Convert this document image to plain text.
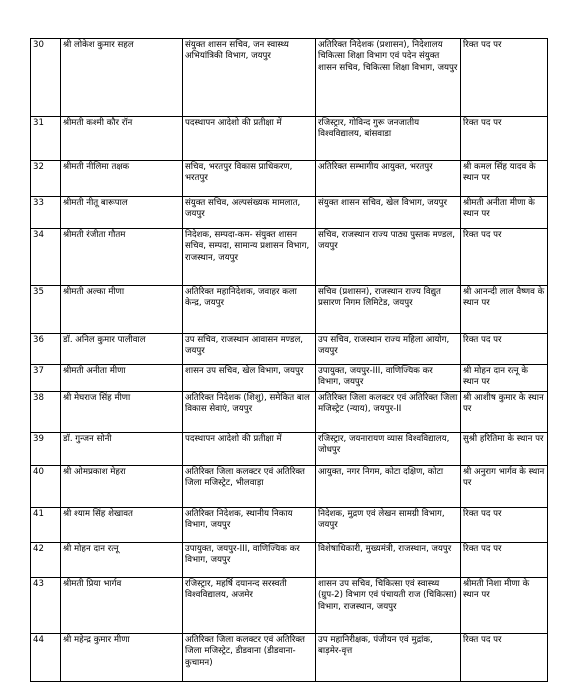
30	श्री लोकेश कुमार सहल	संयुक्त शासन सचिव, जन स्वास्थ्य अभियांत्रिकी विभाग, जयपुर	अतिरिक्त निदेशक (प्रशासन), निदेशालय चिकित्सा शिक्षा विभाग एवं पदेन संयुक्त शासन सचिव, चिकित्सा शिक्षा विभाग, जयपुर	रिक्त पद पर
31	श्रीमती कश्मी कौर रॉन	पदस्थापन आदेशो की प्रतीक्षा में	रजिस्ट्रार, गोविन्द गुरू जनजातीय विश्वविद्यालय, बांसवाडा	रिक्त पद पर
32	श्रीमती नीलिमा तक्षक	सचिव, भरतपुर विकास प्राधिकरण, भरतपुर	अतिरिक्त सम्भागीय आयुक्त, भरतपुर	श्री कमल सिंह यादव के स्थान पर
33	श्रीमती नीतू बारूपाल	संयुक्त सचिव, अल्पसंख्यक मामलात, जयपुर	संयुक्त शासन सचिव, खेल विभाग, जयपुर	श्रीमती अनीता मीणा के स्थान पर
34	श्रीमती रंजीता गौतम	निदेशक, सम्पदा-कम- संयुक्त शासन सचिव, सम्पदा, सामान्य प्रशासन विभाग, राजस्थान, जयपुर	सचिव, राजस्थान राज्य पाठ्य पुस्तक मण्डल, जयपुर	रिक्त पद पर
35	श्रीमती अल्का मीणा	अतिरिक्त महानिदेशक, जवाहर कला केन्द्र, जयपुर	सचिव (प्रशासन), राजस्थान राज्य विद्युत प्रसारण निगम लिमिटेड, जयपुर	श्री आनन्दी लाल वैष्णव के स्थान पर
36	डॉ. अनिल कुमार पालीवाल	उप सचिव, राजस्थान आवासन मण्डल, जयपुर	उप सचिव, राजस्थान राज्य महिला आयोग, जयपुर	रिक्त पद पर
37	श्रीमती अनीता मीणा	शासन उप सचिव, खेल विभाग, जयपुर	उपायुक्त, जयपुर-III, वाणिज्यिक कर विभाग, जयपुर	श्री मोहन दान रत्नू के स्थान पर
38	श्री मेघराज सिंह मीणा	अतिरिक्त निदेशक (शिशु), समेकित बाल विकास सेवाएं, जयपुर	अतिरिक्त जिला कलक्टर एवं अतिरिक्त जिला मजिस्ट्रेट (न्याय), जयपुर-II	श्री आशीष कुमार के स्थान पर
39	डॉ. गुन्जन सोनी	पदस्थापन आदेशो की प्रतीक्षा में	रजिस्ट्रार, जयनारायण व्यास विश्वविद्यालय, जोधपुर	सुश्री हरितिमा के स्थान पर
40	श्री ओमप्रकाश मेहरा	अतिरिक्त जिला कलक्टर एवं अतिरिक्त जिला मजिस्ट्रेट, भीलवाड़ा	आयुक्त, नगर निगम, कोटा दक्षिण, कोटा	श्री अनुराग भार्गव के स्थान पर
41	श्री श्याम सिंह शेखावत	अतिरिक्त निदेशक, स्थानीय निकाय विभाग, जयपुर	निदेशक, मुद्रण एवं लेखन सामग्री विभाग, जयपुर	रिक्त पद पर
42	श्री मोहन दान रत्नू	उपायुक्त, जयपुर-III, वाणिज्यिक कर विभाग, जयपुर	विशेषाधिकारी, मुख्यमंत्री, राजस्थान, जयपुर	रिक्त पद पर
43	श्रीमती प्रिया भार्गव	रजिस्ट्रार, महर्षि दयानन्द सरस्वती विश्वविद्यालय, अजमेर	शासन उप सचिव, चिकित्सा एवं स्वास्थ्य (ग्रुप-2) विभाग एवं पंचायती राज (चिकित्सा) विभाग, राजस्थान, जयपुर	श्रीमती निशा मीणा के स्थान पर
44	श्री महेन्द्र कुमार मीणा	अतिरिक्त जिला कलक्टर एवं अतिरिक्त जिला मजिस्ट्रेट, डीडवाना (डीडवाना-कुचामन)	उप महानिरीक्षक, पंजीयन एवं मुद्रांक, बाड़मेर-वृत्त	रिक्त पद पर
